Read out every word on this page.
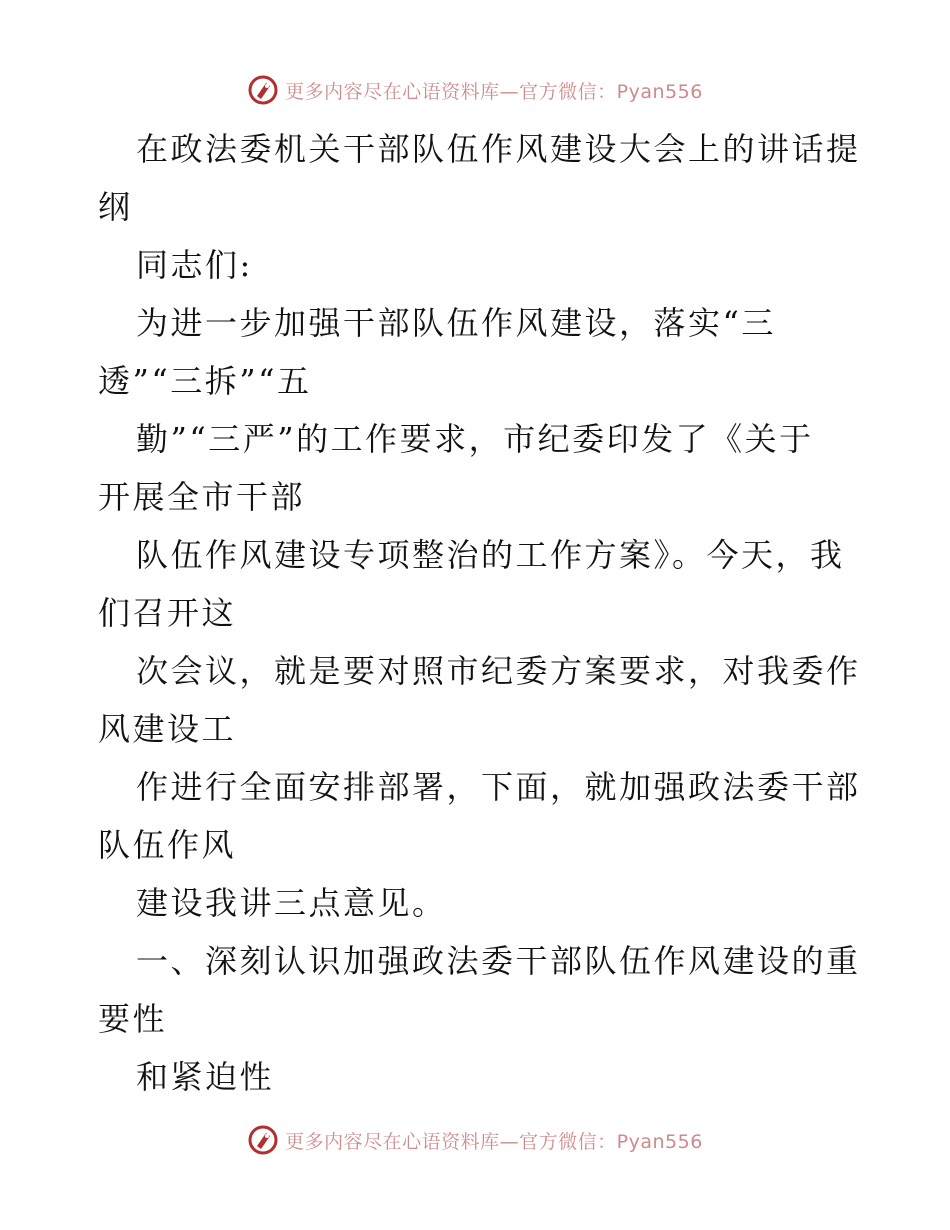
更多内容尽在心语资料库—官方微信：Pyan556
在政法委机关干部队伍作风建设大会上的讲话提
纲
同志们:
为进一步加强干部队伍作风建设，落实“三
透”“三拆”“五
勤”“三严”的工作要求，市纪委印发了《关于
开展全市干部
队伍作风建设专项整治的工作方案》。今天，我
们召开这
次会议，就是要对照市纪委方案要求，对我委作
风建设工
作进行全面安排部署，下面，就加强政法委干部
队伍作风
建设我讲三点意见。
一、深刻认识加强政法委干部队伍作风建设的重
要性
和紧迫性
更多内容尽在心语资料库—官方微信：Pyan556
